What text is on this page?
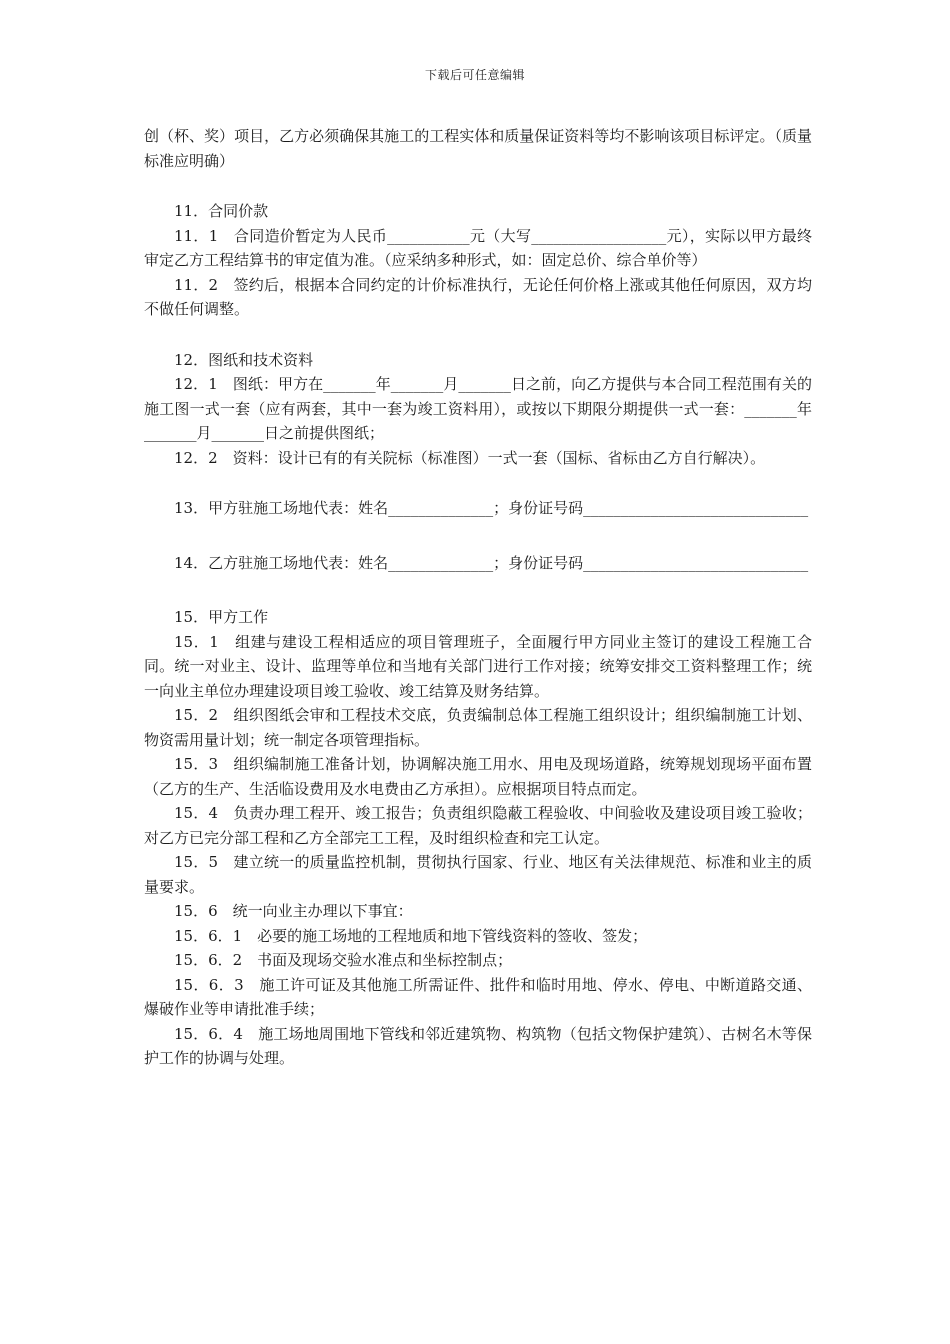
下载后可任意编辑

创（杯、奖）项目，乙方必须确保其施工的工程实体和质量保证资料等均不影响该项目标评定。（质量标准应明确）

11．合同价款

11．1　合同造价暂定为人民币___________元（大写__________________元），实际以甲方最终审定乙方工程结算书的审定值为准。（应采纳多种形式，如：固定总价、综合单价等）

11．2　签约后，根据本合同约定的计价标准执行，无论任何价格上涨或其他任何原因，双方均不做任何调整。

12．图纸和技术资料

12．1　图纸：甲方在_______年_______月_______日之前，向乙方提供与本合同工程范围有关的施工图一式一套（应有两套，其中一套为竣工资料用），或按以下期限分期提供一式一套：_______年_______月_______日之前提供图纸；

12．2　资料：设计已有的有关院标（标准图）一式一套（国标、省标由乙方自行解决）。

13．甲方驻施工场地代表：姓名______________；身份证号码______________________________

14．乙方驻施工场地代表：姓名______________；身份证号码______________________________

15．甲方工作

15．1　组建与建设工程相适应的项目管理班子，全面履行甲方同业主签订的建设工程施工合同。统一对业主、设计、监理等单位和当地有关部门进行工作对接；统筹安排交工资料整理工作；统一向业主单位办理建设项目竣工验收、竣工结算及财务结算。

15．2　组织图纸会审和工程技术交底，负责编制总体工程施工组织设计；组织编制施工计划、物资需用量计划；统一制定各项管理指标。

15．3　组织编制施工准备计划，协调解决施工用水、用电及现场道路，统筹规划现场平面布置（乙方的生产、生活临设费用及水电费由乙方承担）。应根据项目特点而定。

15．4　负责办理工程开、竣工报告；负责组织隐蔽工程验收、中间验收及建设项目竣工验收；对乙方已完分部工程和乙方全部完工工程，及时组织检查和完工认定。

15．5　建立统一的质量监控机制，贯彻执行国家、行业、地区有关法律规范、标准和业主的质量要求。

15．6　统一向业主办理以下事宜：

15．6．1　必要的施工场地的工程地质和地下管线资料的签收、签发；

15．6．2　书面及现场交验水准点和坐标控制点；

15．6．3　施工许可证及其他施工所需证件、批件和临时用地、停水、停电、中断道路交通、爆破作业等申请批准手续；

15．6．4　施工场地周围地下管线和邻近建筑物、构筑物（包括文物保护建筑）、古树名木等保护工作的协调与处理。
